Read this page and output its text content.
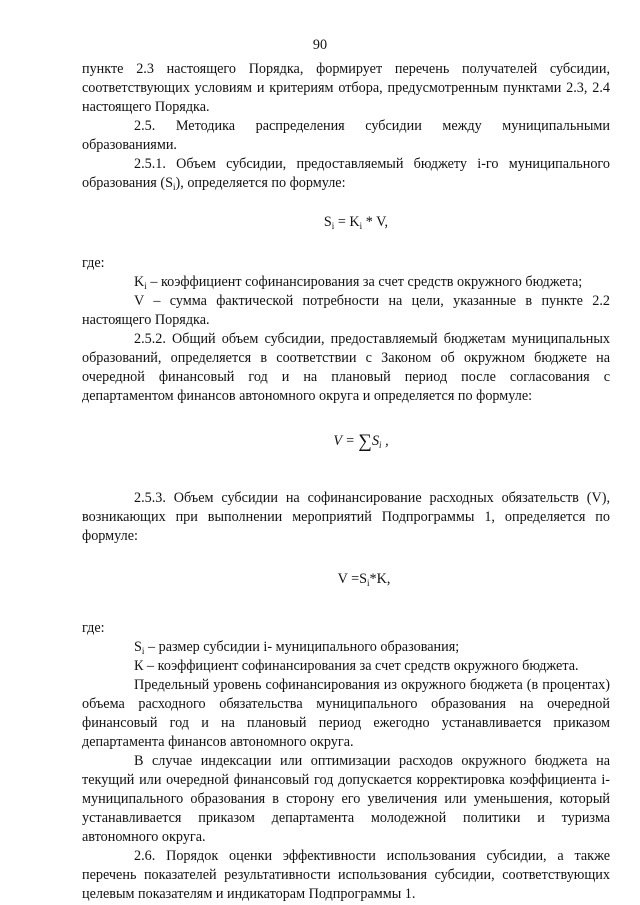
90

пункте 2.3 настоящего Порядка, формирует перечень получателей субсидии, соответствующих условиям и критериям отбора, предусмотренным пунктами 2.3, 2.4 настоящего Порядка.

2.5. Методика распределения субсидии между муниципальными образованиями.

2.5.1. Объем субсидии, предоставляемый бюджету i-го муниципального образования $(S_i)$, определяется по формуле:

$S_i = K_i * V$,

где:

$K_i$ – коэффициент софинансирования за счет средств окружного бюджета;

V – сумма фактической потребности на цели, указанные в пункте 2.2 настоящего Порядка.

2.5.2. Общий объем субсидии, предоставляемый бюджетам муниципальных образований, определяется в соответствии с Законом об окружном бюджете на очередной финансовый год и на плановый период после согласования с департаментом финансов автономного округа и определяется по формуле:

$V = \sum S_i$ ,

2.5.3. Объем субсидии на софинансирование расходных обязательств (V), возникающих при выполнении мероприятий Подпрограммы 1, определяется по формуле:

$V =S_i*K$,

где:

$S_i$ – размер субсидии i- муниципального образования;

К – коэффициент софинансирования за счет средств окружного бюджета.

Предельный уровень софинансирования из окружного бюджета (в процентах) объема расходного обязательства муниципального образования на очередной финансовый год и на плановый период ежегодно устанавливается приказом департамента финансов автономного округа.

В случае индексации или оптимизации расходов окружного бюджета на текущий или очередной финансовый год допускается корректировка коэффициента i-муниципального образования в сторону его увеличения или уменьшения, который устанавливается приказом департамента молодежной политики и туризма автономного округа.

2.6. Порядок оценки эффективности использования субсидии, а также перечень показателей результативности использования субсидии, соответствующих целевым показателям и индикаторам Подпрограммы 1.
